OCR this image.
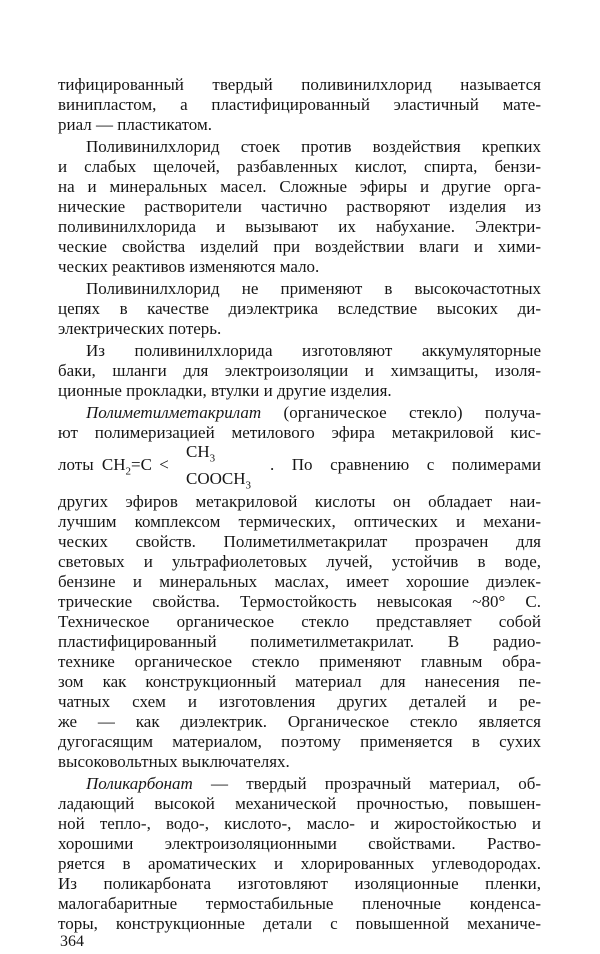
тифицированный твердый поливинилхлорид называется
винипластом, а пластифицированный эластичный мате-
риал — пластикатом.
Поливинилхлорид стоек против воздействия крепких
и слабых щелочей, разбавленных кислот, спирта, бензи-
на и минеральных масел. Сложные эфиры и другие орга-
нические растворители частично растворяют изделия из
поливинилхлорида и вызывают их набухание. Электри-
ческие свойства изделий при воздействии влаги и хими-
ческих реактивов изменяются мало.
Поливинилхлорид не применяют в высокочастотных
цепях в качестве диэлектрика вследствие высоких ди-
электрических потерь.
Из поливинилхлорида изготовляют аккумуляторные
баки, шланги для электроизоляции и химзащиты, изоля-
ционные прокладки, втулки и другие изделия.
Полиметилметакрилат (органическое стекло) получа-
ют полимеризацией метилового эфира метакриловой кис-
$CH_3$
лоты $CH_2=C$ <	. По сравнению с полимерами
$COOCH_3$
других эфиров метакриловой кислоты он обладает наи-
лучшим комплексом термических, оптических и механи-
ческих свойств. Полиметилметакрилат прозрачен для
световых и ультрафиолетовых лучей, устойчив в воде,
бензине и минеральных маслах, имеет хорошие диэлек-
трические свойства. Термостойкость невысокая ~80° С.
Техническое органическое стекло представляет собой
пластифицированный полиметилметакрилат. В радио-
технике органическое стекло применяют главным обра-
зом как конструкционный материал для нанесения пе-
чатных схем и изготовления других деталей и ре-
же — как диэлектрик. Органическое стекло является
дугогасящим материалом, поэтому применяется в сухих
высоковольтных выключателях.
Поликарбонат — твердый прозрачный материал, об-
ладающий высокой механической прочностью, повышен-
ной тепло-, водо-, кислото-, масло- и жиростойкостью и
хорошими электроизоляционными свойствами. Раство-
ряется в ароматических и хлорированных углеводородах.
Из поликарбоната изготовляют изоляционные пленки,
малогабаритные термостабильные пленочные конденса-
торы, конструкционные детали с повышенной механиче-
364
